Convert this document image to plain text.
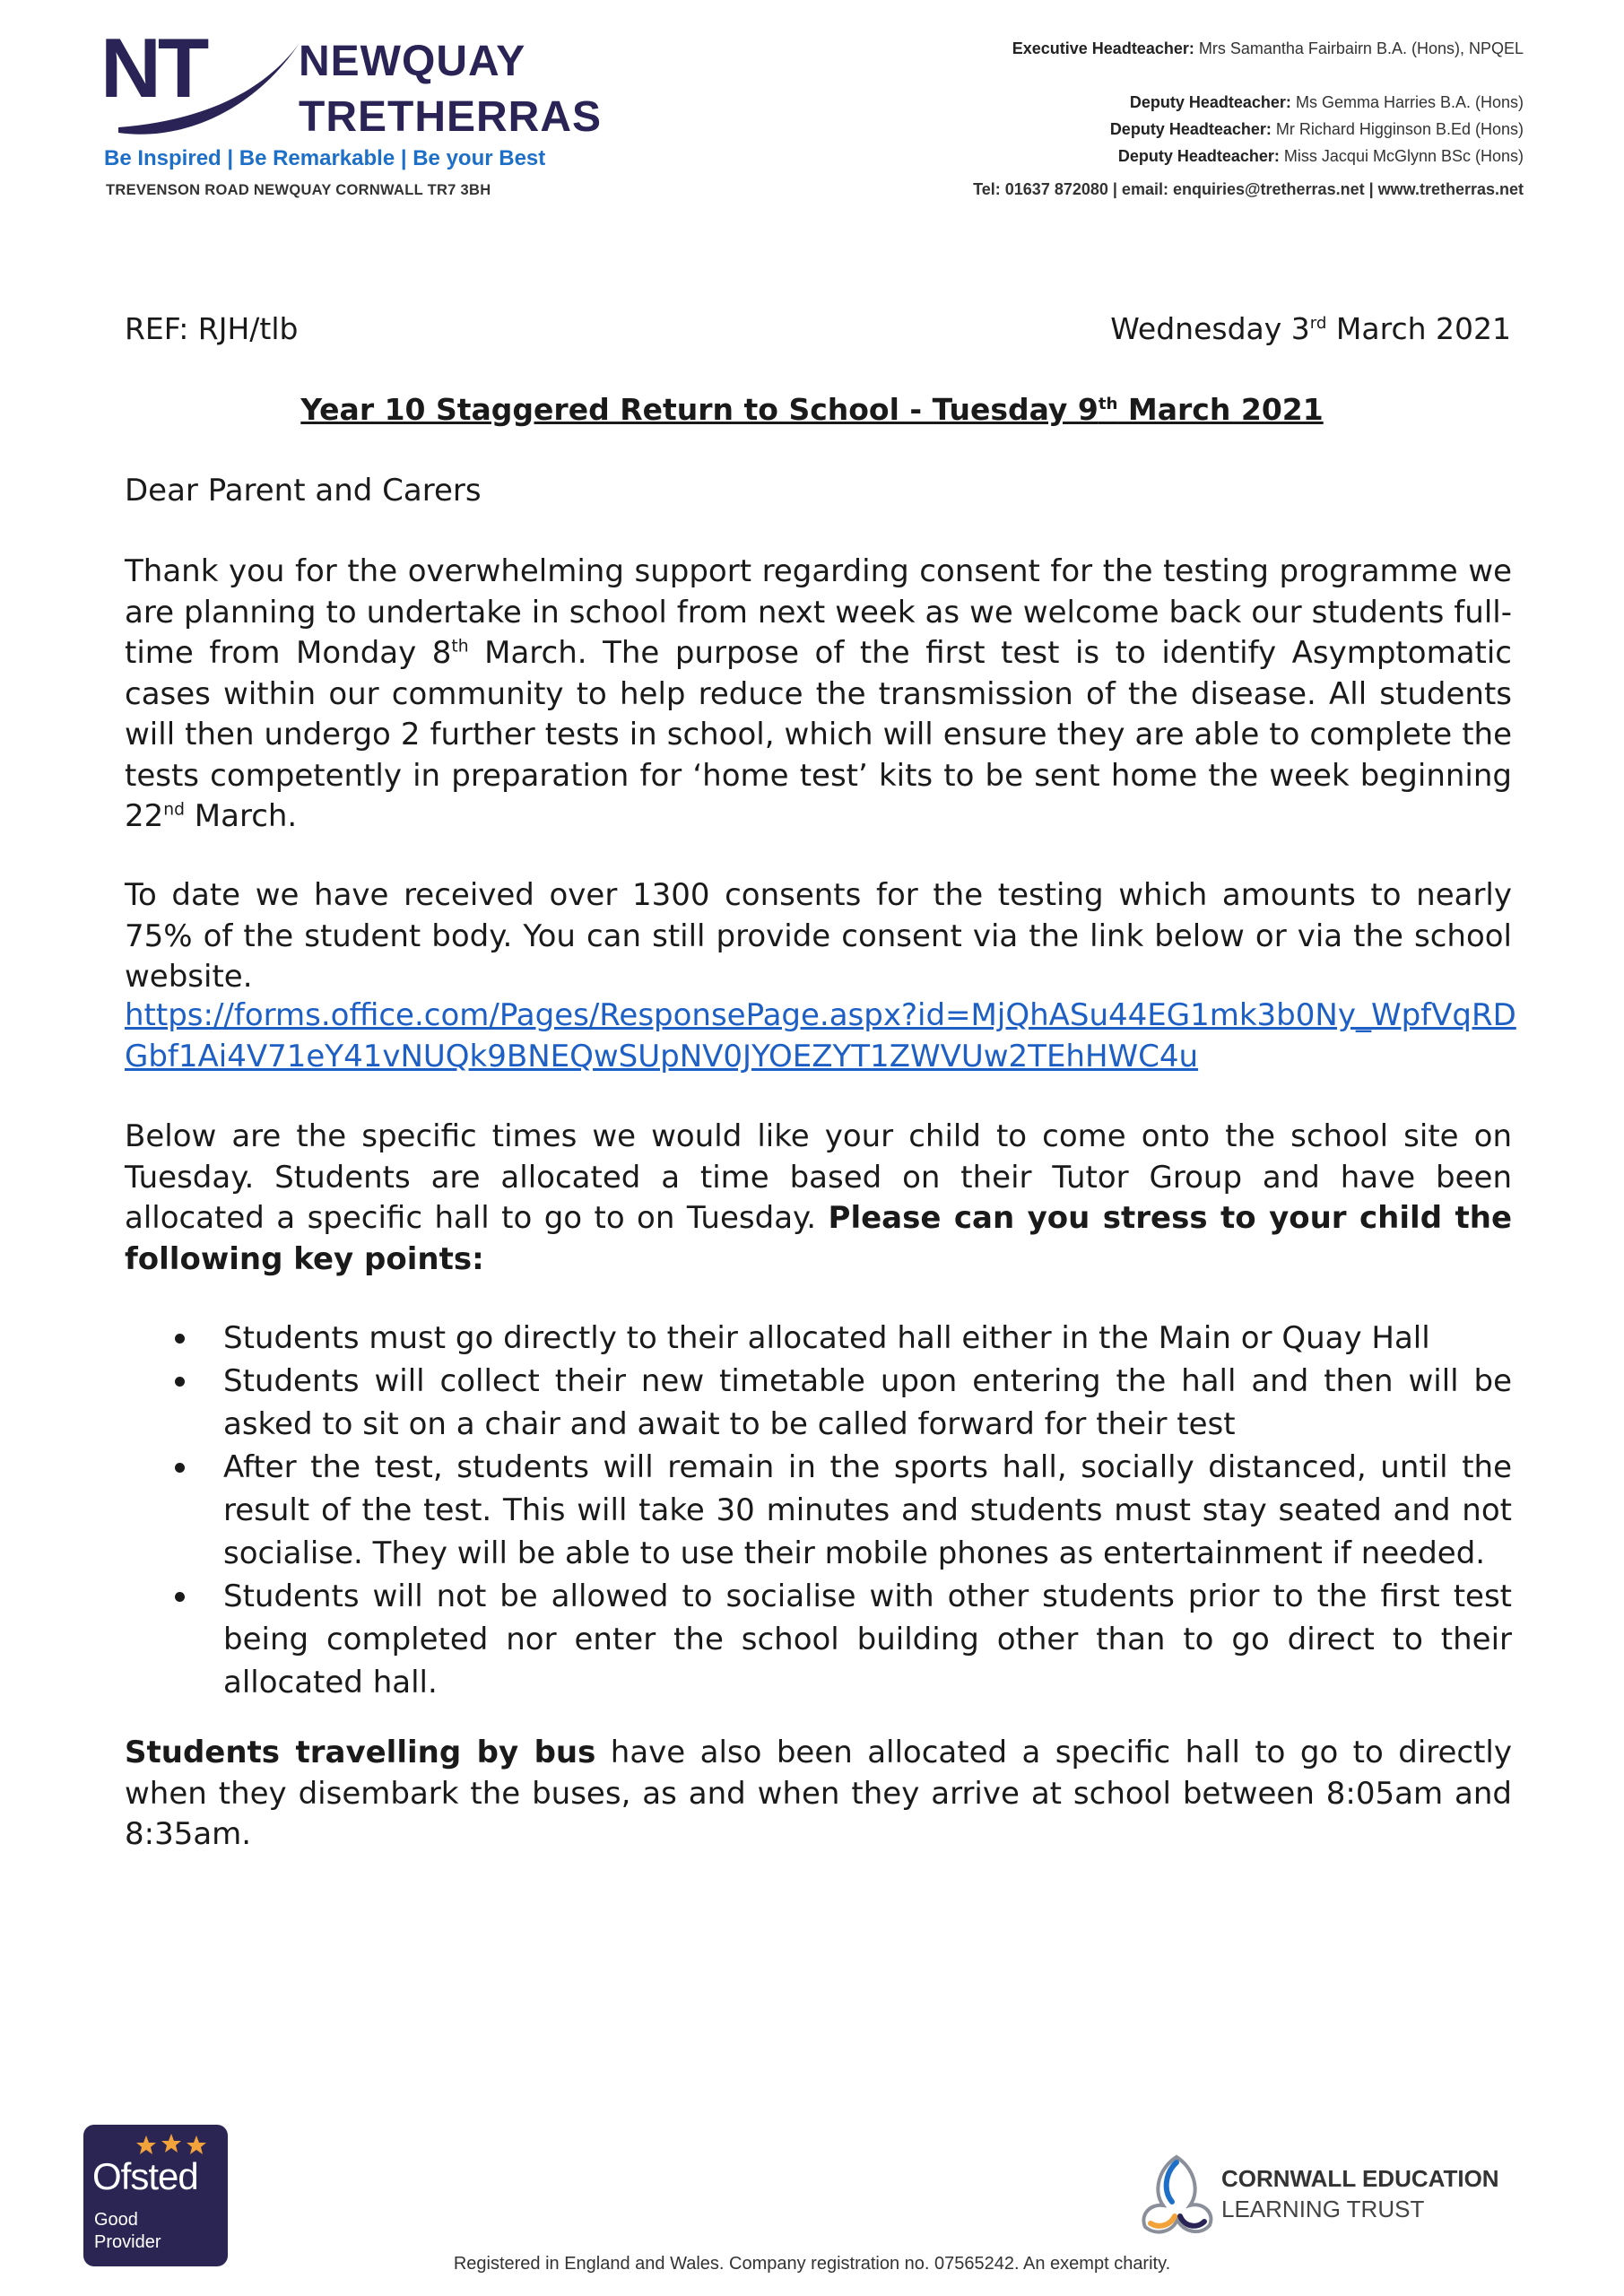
NT NEWQUAY
TRETHERRAS
Be Inspired | Be Remarkable | Be your Best
TREVENSON ROAD NEWQUAY CORNWALL TR7 3BH
Executive Headteacher: Mrs Samantha Fairbairn B.A. (Hons), NPQEL
Deputy Headteacher: Ms Gemma Harries B.A. (Hons)
Deputy Headteacher: Mr Richard Higginson B.Ed (Hons)
Deputy Headteacher: Miss Jacqui McGlynn BSc (Hons)
Tel: 01637 872080 | email: enquiries@tretherras.net | www.tretherras.net
REF: RJH/tlb	Wednesday 3rd March 2021
Year 10 Staggered Return to School - Tuesday 9th March 2021
Dear Parent and Carers
Thank you for the overwhelming support regarding consent for the testing programme we are planning to undertake in school from next week as we welcome back our students full-time from Monday 8th March. The purpose of the first test is to identify Asymptomatic cases within our community to help reduce the transmission of the disease. All students will then undergo 2 further tests in school, which will ensure they are able to complete the tests competently in preparation for ‘home test’ kits to be sent home the week beginning 22nd March.
To date we have received over 1300 consents for the testing which amounts to nearly 75% of the student body. You can still provide consent via the link below or via the school website.
https://forms.office.com/Pages/ResponsePage.aspx?id=MjQhASu44EG1mk3b0Ny_WpfVqRDGbf1Ai4V71eY41vNUQk9BNEQwSUpNV0JYOEZYT1ZWVUw2TEhHWC4u
Below are the specific times we would like your child to come onto the school site on Tuesday. Students are allocated a time based on their Tutor Group and have been allocated a specific hall to go to on Tuesday. Please can you stress to your child the following key points:
Students must go directly to their allocated hall either in the Main or Quay Hall
Students will collect their new timetable upon entering the hall and then will be asked to sit on a chair and await to be called forward for their test
After the test, students will remain in the sports hall, socially distanced, until the result of the test. This will take 30 minutes and students must stay seated and not socialise. They will be able to use their mobile phones as entertainment if needed.
Students will not be allowed to socialise with other students prior to the first test being completed nor enter the school building other than to go direct to their allocated hall.
Students travelling by bus have also been allocated a specific hall to go to directly when they disembark the buses, as and when they arrive at school between 8:05am and 8:35am.
Ofsted
Good
Provider
CORNWALL EDUCATION
LEARNING TRUST
Registered in England and Wales. Company registration no. 07565242. An exempt charity.
